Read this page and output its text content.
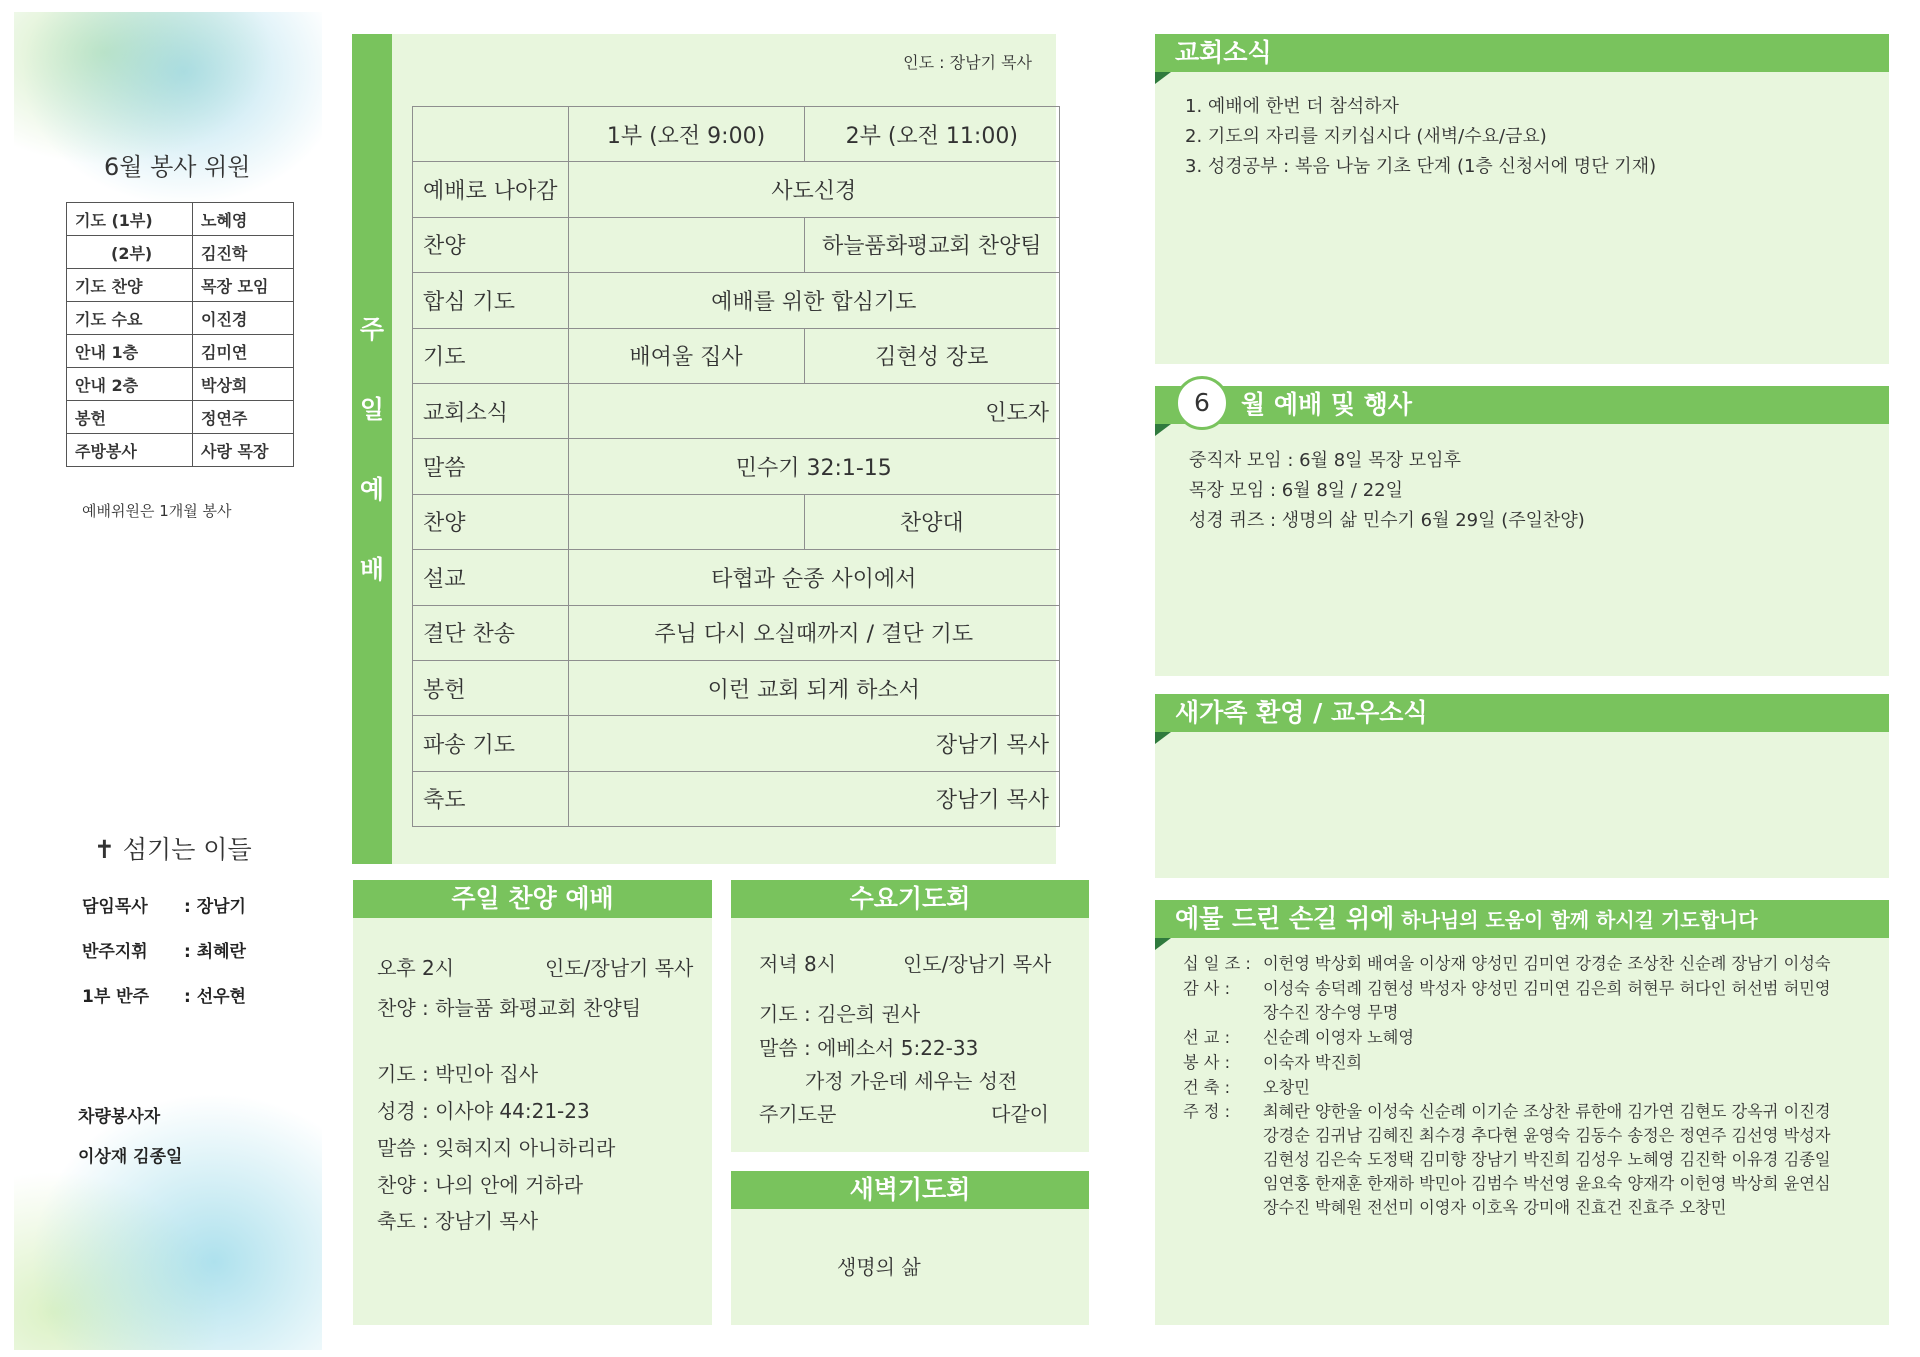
6월 봉사 위원
기도 (1부)	노혜영
(2부)	김진학
기도 찬양	목장 모임
기도 수요	이진경
안내 1층	김미연
안내 2층	박상희
봉헌	정연주
주방봉사	사랑 목장
예배위원은 1개월 봉사
✝ 섬기는 이들
담임목사 : 장남기
반주지휘 : 최혜란
1부 반주 : 선우현
차량봉사자
이상재 김종일
주
일
예
배
인도 : 장남기 목사
	1부 (오전 9:00)	2부 (오전 11:00)
예배로 나아감	사도신경	
찬양		하늘품화평교회 찬양팀
합심 기도	예배를 위한 합심기도	
기도	배여울 집사	김현성 장로
교회소식	인도자	
말씀	민수기 32:1-15	
찬양		찬양대
설교	타협과 순종 사이에서	
결단 찬송	주님 다시 오실때까지 / 결단 기도	
봉헌	이런 교회 되게 하소서	
파송 기도	장남기 목사	
축도	장남기 목사	
주일 찬양 예배
오후 2시	인도/장남기 목사
찬양 : 하늘품 화평교회 찬양팀
기도 : 박민아 집사
성경 : 이사야 44:21-23
말씀 : 잊혀지지 아니하리라
찬양 : 나의 안에 거하라
축도 : 장남기 목사
수요기도회
저녁 8시	인도/장남기 목사
기도 : 김은희 권사
말씀 : 에베소서 5:22-33
가정 가운데 세우는 성전
주기도문	다같이
새벽기도회
생명의 삶
교회소식
1. 예배에 한번 더 참석하자
2. 기도의 자리를 지키십시다 (새벽/수요/금요)
3. 성경공부 : 복음 나눔 기초 단계 (1층 신청서에 명단 기재)
월 예배 및 행사
6
중직자 모임 : 6월 8일 목장 모임후
목장 모임 : 6월 8일 / 22일
성경 퀴즈 : 생명의 삶 민수기 6월 29일 (주일찬양)
새가족 환영 / 교우소식
예물 드린 손길 위에 하나님의 도움이 함께 하시길 기도합니다
십 일 조 : 이헌영 박상회 배여울 이상재 양성민 김미연 강경순 조상찬 신순례 장남기 이성숙
감 사 : 이성숙 송덕례 김현성 박성자 양성민 김미연 김은희 허현무 허다인 허선범 허민영
장수진 장수영 무명
선 교 : 신순례 이영자 노혜영
봉 사 : 이숙자 박진희
건 축 : 오창민
주 정 : 최혜란 양한울 이성숙 신순례 이기순 조상찬 류한애 김가연 김현도 강옥귀 이진경
강경순 김귀남 김혜진 최수경 추다현 윤영숙 김동수 송정은 정연주 김선영 박성자
김현성 김은숙 도정택 김미향 장남기 박진희 김성우 노혜영 김진학 이유경 김종일
임연홍 한재훈 한재하 박민아 김범수 박선영 윤요숙 양재각 이헌영 박상희 윤연심
장수진 박혜원 전선미 이영자 이호옥 강미애 진효건 진효주 오창민
